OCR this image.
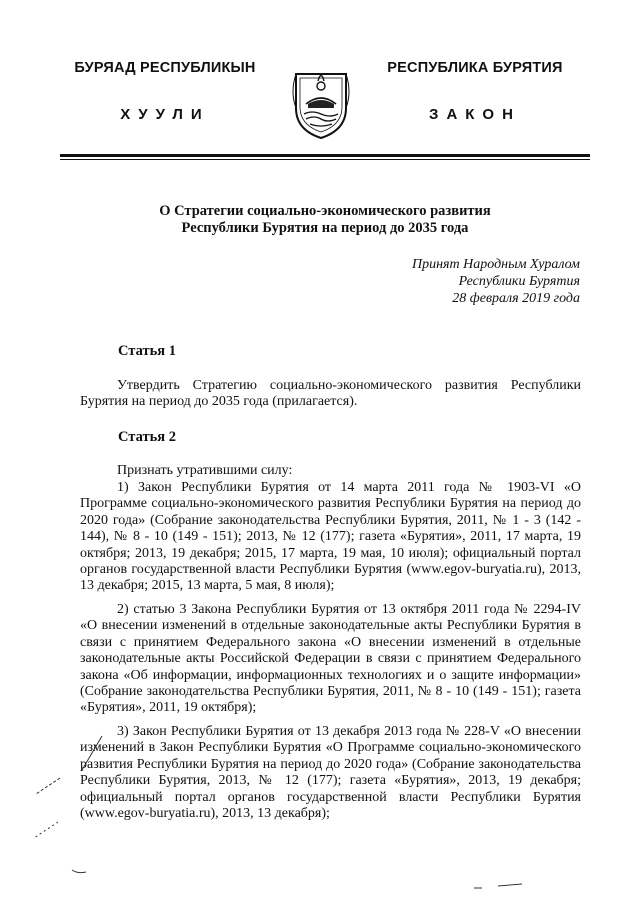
БУРЯАД РЕСПУБЛИКЫН
ХУУЛИ
РЕСПУБЛИКА БУРЯТИЯ
ЗАКОН
О Стратегии социально-экономического развития
Республики Бурятия на период до 2035 года
Принят Народным Хуралом
Республики Бурятия
28 февраля 2019 года
Статья 1
Утвердить Стратегию социально-экономического развития Республики Бурятия на период до 2035 года (прилагается).
Статья 2
Признать утратившими силу:
1) Закон Республики Бурятия от 14 марта 2011 года № 1903-VI «О Программе социально-экономического развития Республики Бурятия на период до 2020 года» (Собрание законодательства Республики Бурятия, 2011, № 1 - 3 (142 - 144), № 8 - 10 (149 - 151); 2013, № 12 (177); газета «Бурятия», 2011, 17 марта, 19 октября; 2013, 19 декабря; 2015, 17 марта, 19 мая, 10 июля); официальный портал органов государственной власти Республики Бурятия (www.egov-buryatia.ru), 2013, 13 декабря; 2015, 13 марта, 5 мая, 8 июля);
2) статью 3 Закона Республики Бурятия от 13 октября 2011 года № 2294-IV «О внесении изменений в отдельные законодательные акты Республики Бурятия в связи с принятием Федерального закона «О внесении изменений в отдельные законодательные акты Российской Федерации в связи с принятием Федерального закона «Об информации, информационных технологиях и о защите информации» (Собрание законодательства Республики Бурятия, 2011, № 8 - 10 (149 - 151); газета «Бурятия», 2011, 19 октября);
3) Закон Республики Бурятия от 13 декабря 2013 года № 228-V «О внесении изменений в Закон Республики Бурятия «О Программе социально-экономического развития Республики Бурятия на период до 2020 года» (Собрание законодательства Республики Бурятия, 2013, № 12 (177); газета «Бурятия», 2013, 19 декабря; официальный портал органов государственной власти Республики Бурятия (www.egov-buryatia.ru), 2013, 13 декабря);
